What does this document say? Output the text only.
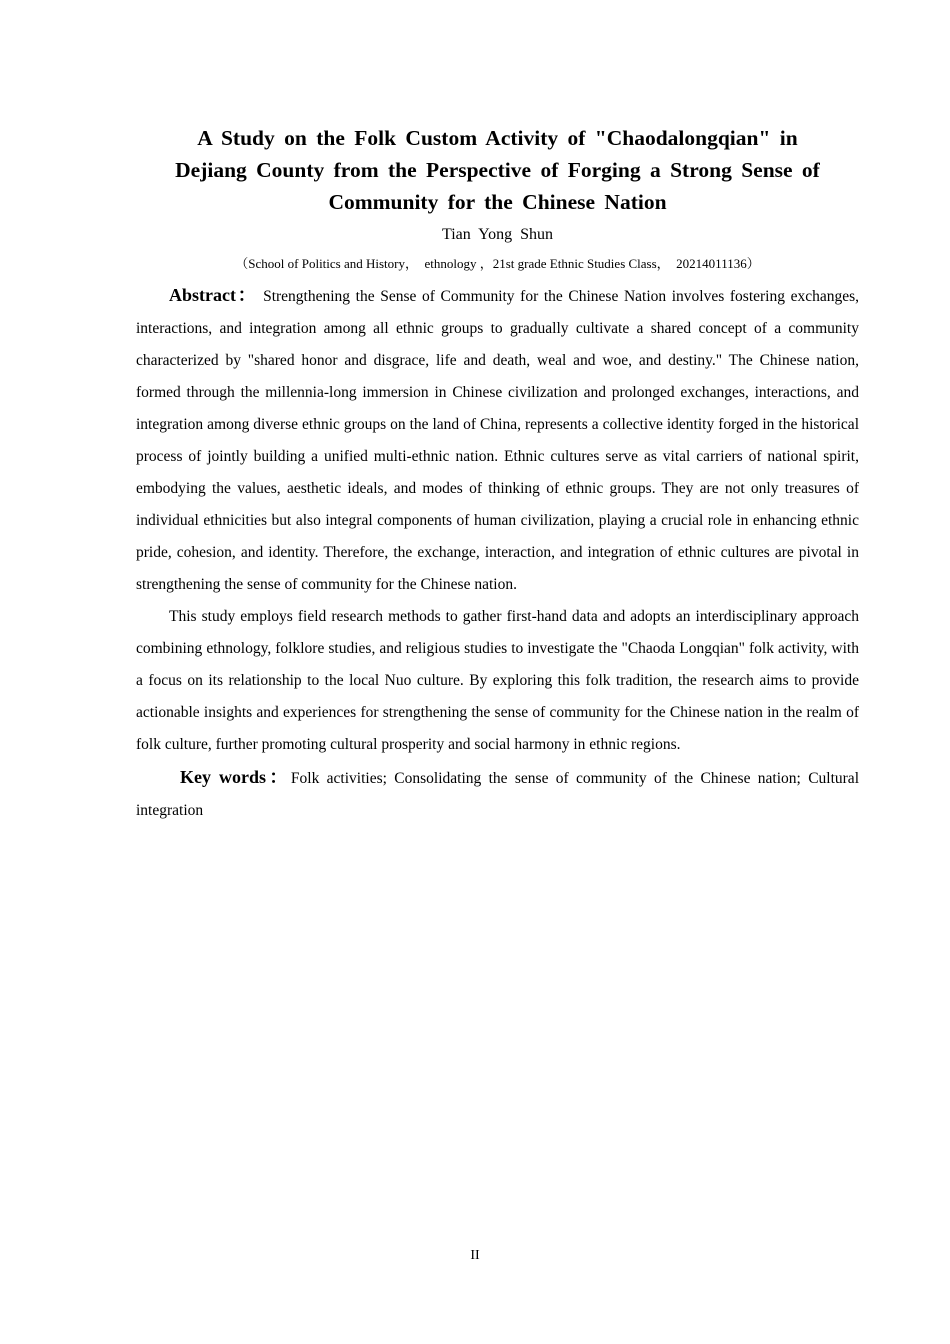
A Study on the Folk Custom Activity of "Chaodalongqian" in
Dejiang County from the Perspective of Forging a Strong Sense of
Community for the Chinese Nation
Tian Yong Shun
（School of Politics and History，　ethnology ，21st grade Ethnic Studies Class，　20214011136）

Abstract： Strengthening the Sense of Community for the Chinese Nation involves fostering exchanges, interactions, and integration among all ethnic groups to gradually cultivate a shared concept of a community characterized by "shared honor and disgrace, life and death, weal and woe, and destiny." The Chinese nation, formed through the millennia-long immersion in Chinese civilization and prolonged exchanges, interactions, and integration among diverse ethnic groups on the land of China, represents a collective identity forged in the historical process of jointly building a unified multi-ethnic nation. Ethnic cultures serve as vital carriers of national spirit, embodying the values, aesthetic ideals, and modes of thinking of ethnic groups. They are not only treasures of individual ethnicities but also integral components of human civilization, playing a crucial role in enhancing ethnic pride, cohesion, and identity. Therefore, the exchange, interaction, and integration of ethnic cultures are pivotal in strengthening the sense of community for the Chinese nation.

This study employs field research methods to gather first-hand data and adopts an interdisciplinary approach combining ethnology, folklore studies, and religious studies to investigate the "Chaoda Longqian" folk activity, with a focus on its relationship to the local Nuo culture. By exploring this folk tradition, the research aims to provide actionable insights and experiences for strengthening the sense of community for the Chinese nation in the realm of folk culture, further promoting cultural prosperity and social harmony in ethnic regions.

Key words：Folk activities; Consolidating the sense of community of the Chinese nation; Cultural integration

II
